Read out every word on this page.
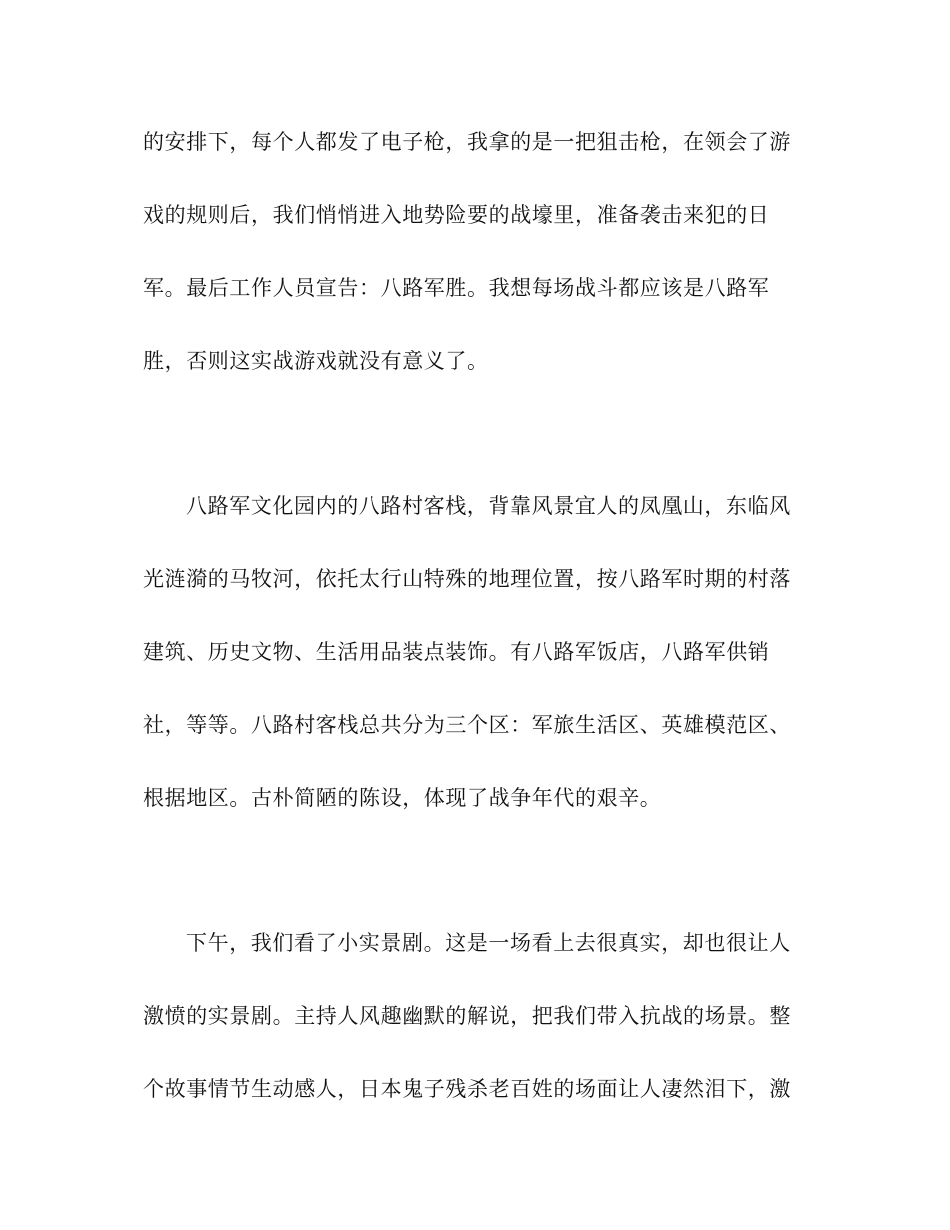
的安排下，每个人都发了电子枪，我拿的是一把狙击枪，在领会了游
戏的规则后，我们悄悄进入地势险要的战壕里，准备袭击来犯的日
军。最后工作人员宣告：八路军胜。我想每场战斗都应该是八路军
胜，否则这实战游戏就没有意义了。
八路军文化园内的八路村客栈，背靠风景宜人的凤凰山，东临风
光涟漪的马牧河，依托太行山特殊的地理位置，按八路军时期的村落
建筑、历史文物、生活用品装点装饰。有八路军饭店，八路军供销
社，等等。八路村客栈总共分为三个区：军旅生活区、英雄模范区、
根据地区。古朴简陋的陈设，体现了战争年代的艰辛。
下午，我们看了小实景剧。这是一场看上去很真实，却也很让人
激愤的实景剧。主持人风趣幽默的解说，把我们带入抗战的场景。整
个故事情节生动感人，日本鬼子残杀老百姓的场面让人凄然泪下，激
